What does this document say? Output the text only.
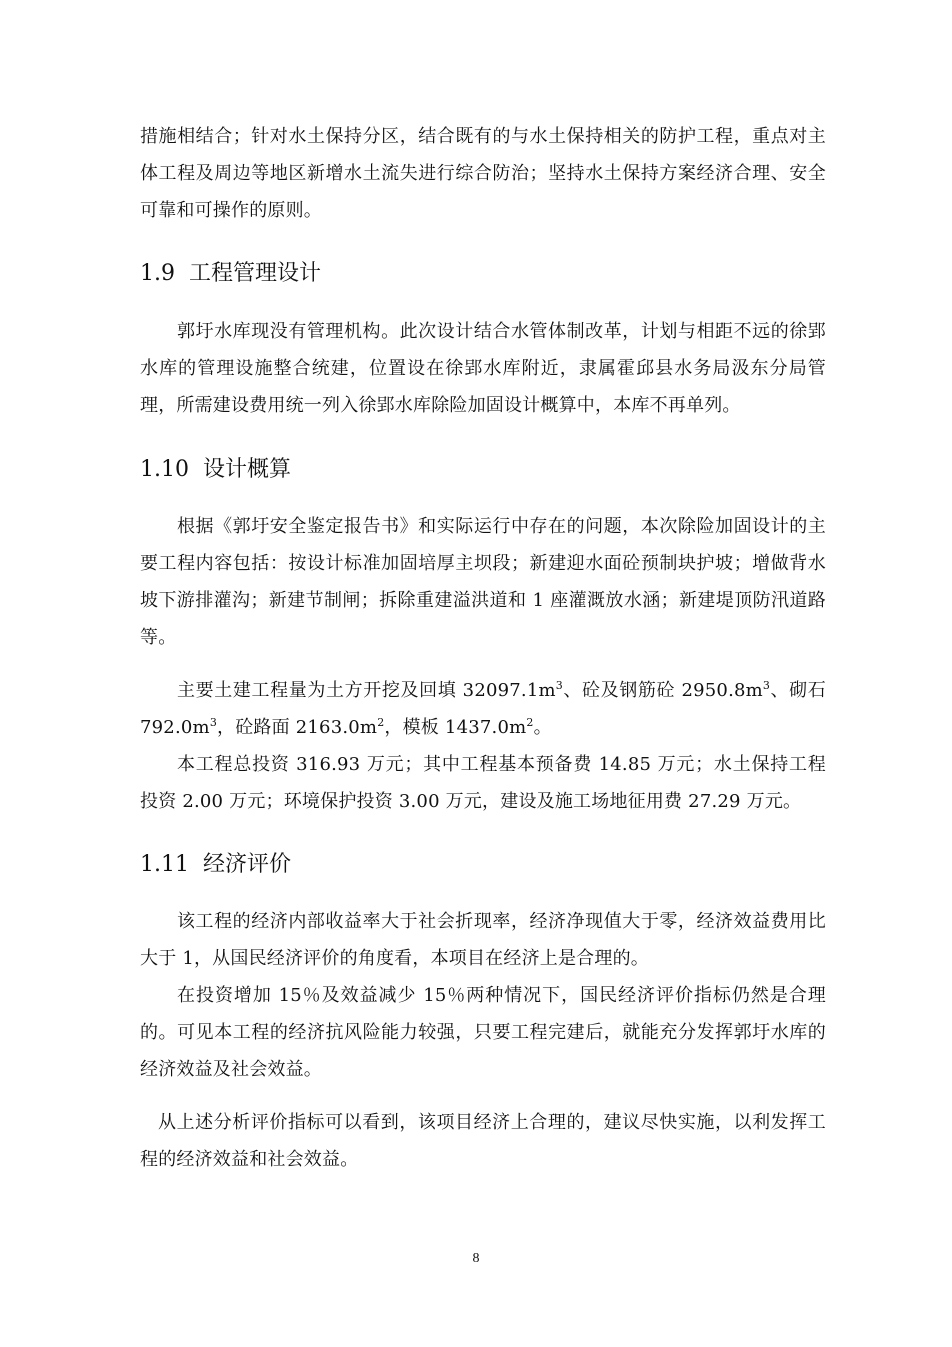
措施相结合；针对水土保持分区，结合既有的与水土保持相关的防护工程，重点对主体工程及周边等地区新增水土流失进行综合防治；坚持水土保持方案经济合理、安全可靠和可操作的原则。

1.9 工程管理设计

郭圩水库现没有管理机构。此次设计结合水管体制改革，计划与相距不远的徐郢水库的管理设施整合统建，位置设在徐郢水库附近，隶属霍邱县水务局汲东分局管理，所需建设费用统一列入徐郢水库除险加固设计概算中，本库不再单列。

1.10 设计概算

根据《郭圩安全鉴定报告书》和实际运行中存在的问题，本次除险加固设计的主要工程内容包括：按设计标准加固培厚主坝段；新建迎水面砼预制块护坡；增做背水坡下游排灌沟；新建节制闸；拆除重建溢洪道和 1 座灌溉放水涵；新建堤顶防汛道路等。

主要土建工程量为土方开挖及回填 $32097.1m^3$、砼及钢筋砼 $2950.8m^3$、砌石 $792.0m^3$，砼路面 $2163.0m^2$，模板 $1437.0m^2$。

本工程总投资 316.93 万元；其中工程基本预备费 14.85 万元；水土保持工程投资 2.00 万元；环境保护投资 3.00 万元，建设及施工场地征用费 27.29 万元。

1.11 经济评价

该工程的经济内部收益率大于社会折现率，经济净现值大于零，经济效益费用比大于 1，从国民经济评价的角度看，本项目在经济上是合理的。

在投资增加 15％及效益减少 15％两种情况下，国民经济评价指标仍然是合理的。可见本工程的经济抗风险能力较强，只要工程完建后，就能充分发挥郭圩水库的经济效益及社会效益。

从上述分析评价指标可以看到，该项目经济上合理的，建议尽快实施，以利发挥工程的经济效益和社会效益。

8
